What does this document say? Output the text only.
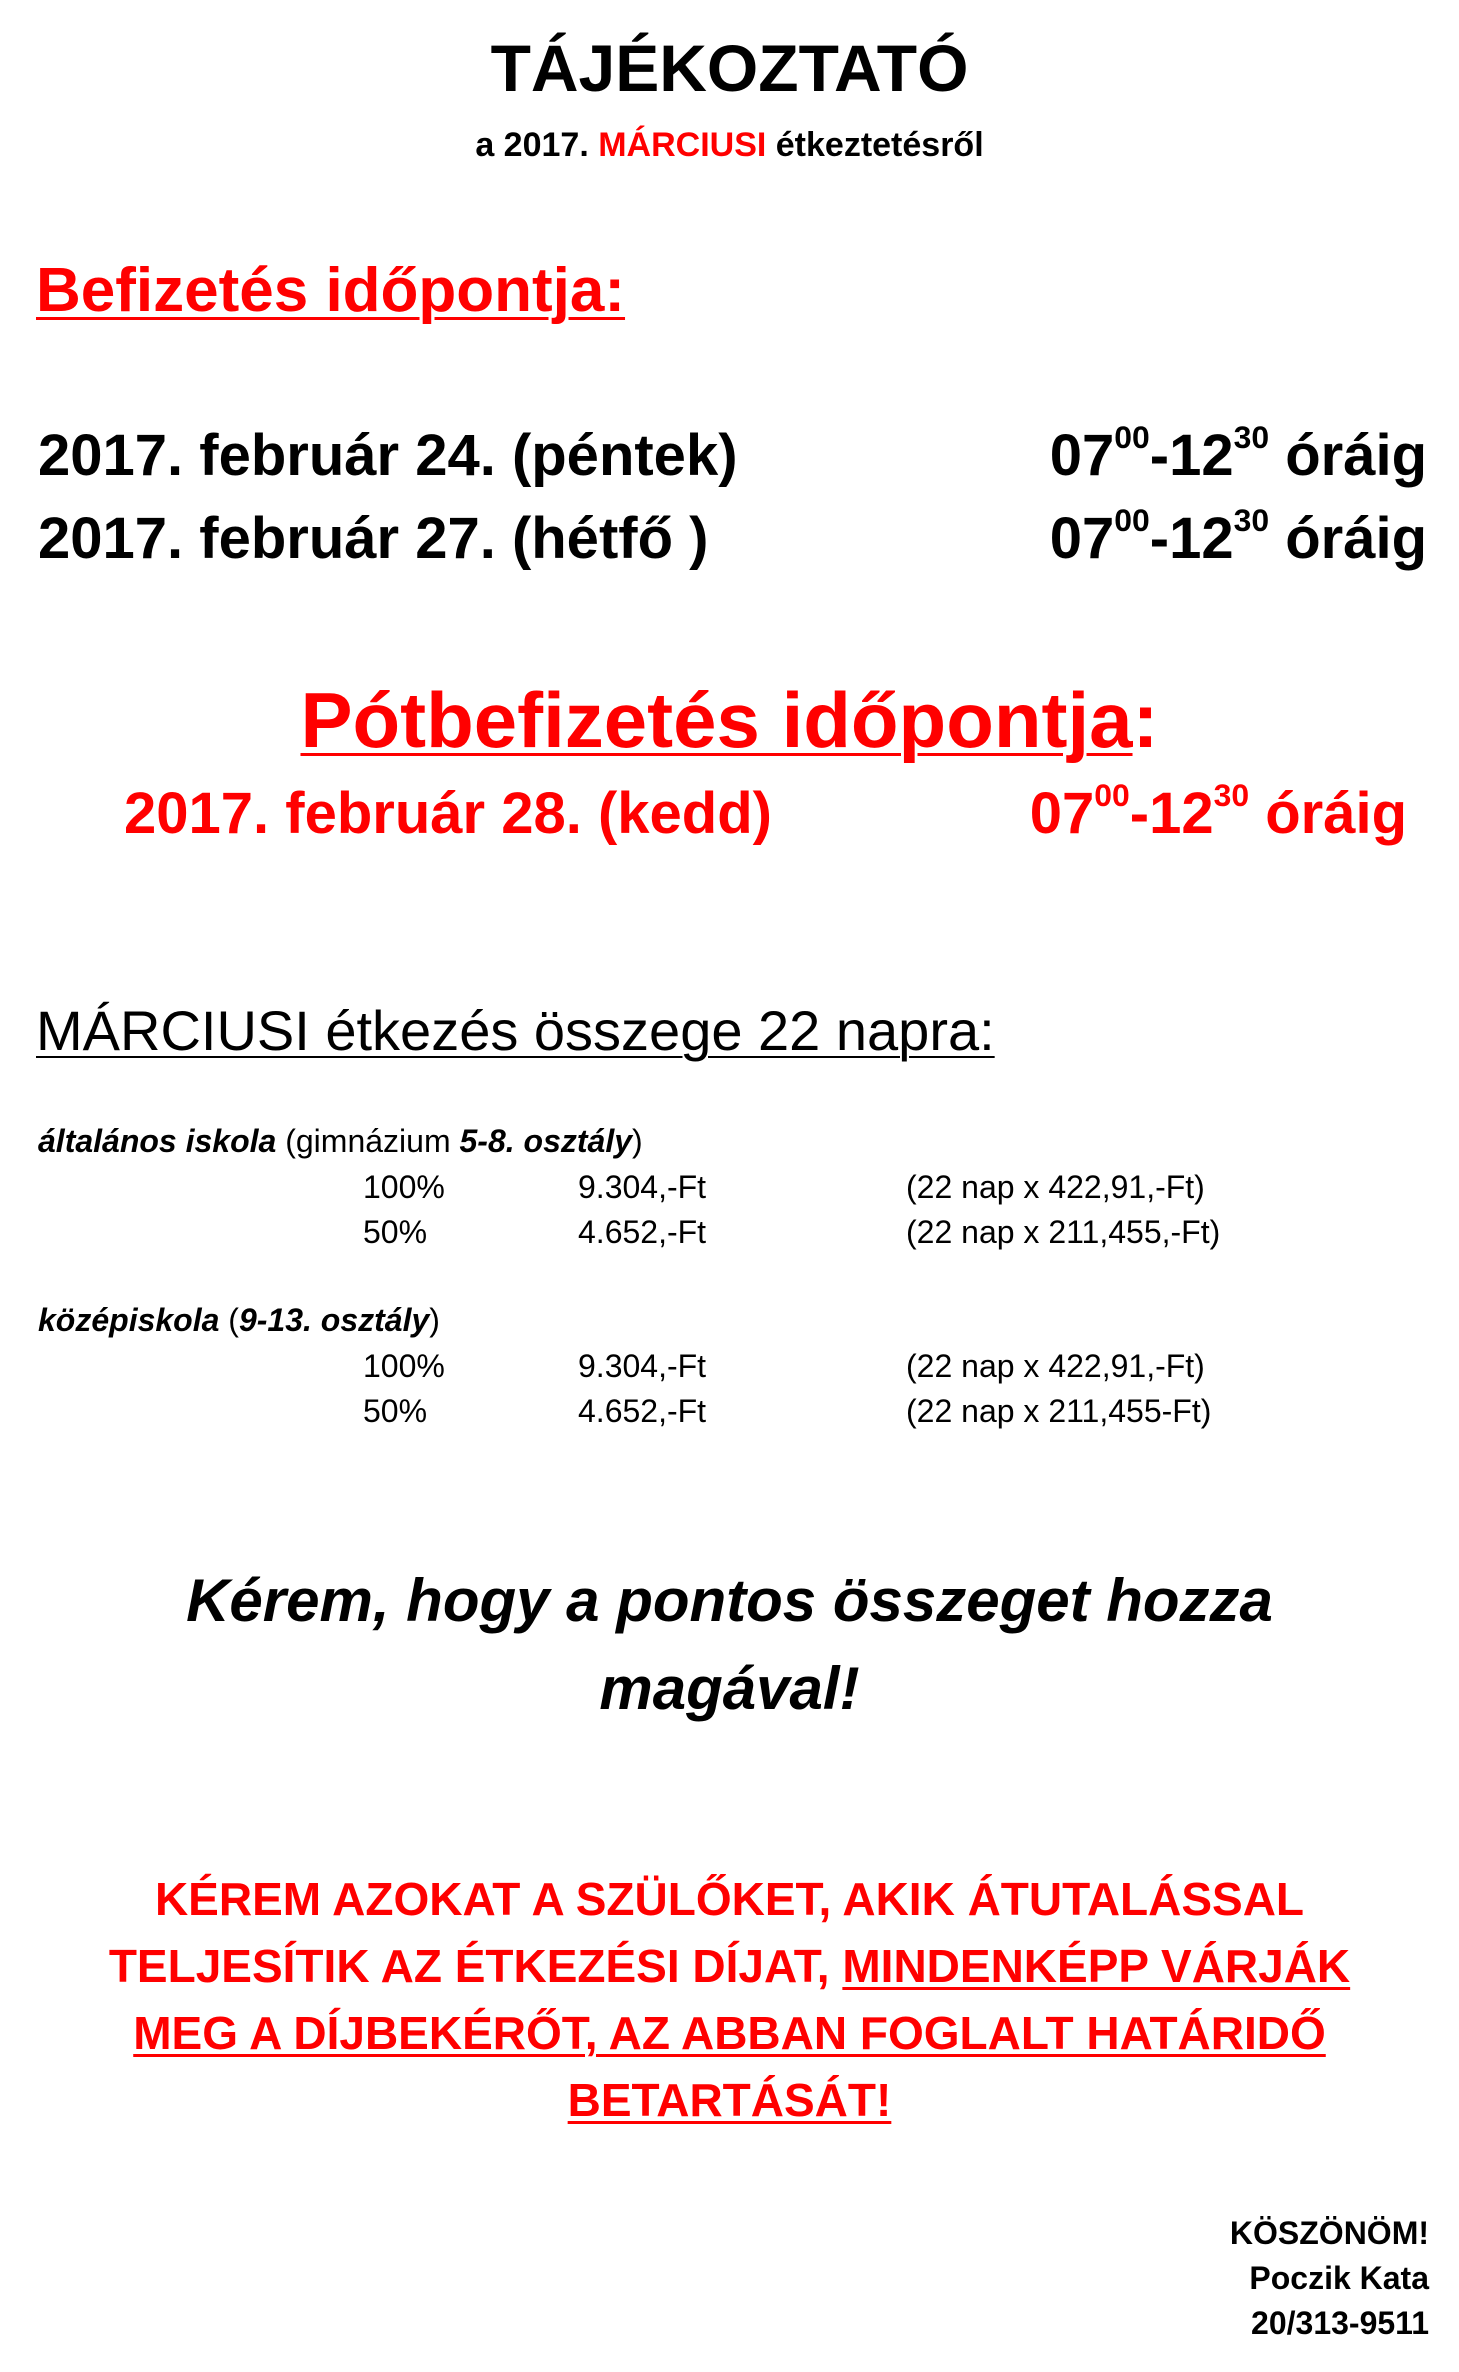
TÁJÉKOZTATÓ
a 2017. MÁRCIUSI étkeztetésről
Befizetés időpontja:
2017. február 24. (péntek)	$07^{00}-12^{30}$ óráig
2017. február 27. (hétfő )	$07^{00}-12^{30}$ óráig
Pótbefizetés időpontja:
2017. február 28. (kedd)	$07^{00}-12^{30}$ óráig
MÁRCIUSI étkezés összege 22 napra:
általános iskola (gimnázium 5-8. osztály)
100%	9.304,-Ft	(22 nap x 422,91,-Ft)
50%	4.652,-Ft	(22 nap x 211,455,-Ft)
középiskola (9-13. osztály)
100%	9.304,-Ft	(22 nap x 422,91,-Ft)
50%	4.652,-Ft	(22 nap x 211,455-Ft)
Kérem, hogy a pontos összeget hozza
magával!
KÉREM AZOKAT A SZÜLŐKET, AKIK ÁTUTALÁSSAL
TELJESÍTIK AZ ÉTKEZÉSI DÍJAT, MINDENKÉPP VÁRJÁK
MEG A DÍJBEKÉRŐT, AZ ABBAN FOGLALT HATÁRIDŐ
BETARTÁSÁT!
KÖSZÖNÖM!
Poczik Kata
20/313-9511
